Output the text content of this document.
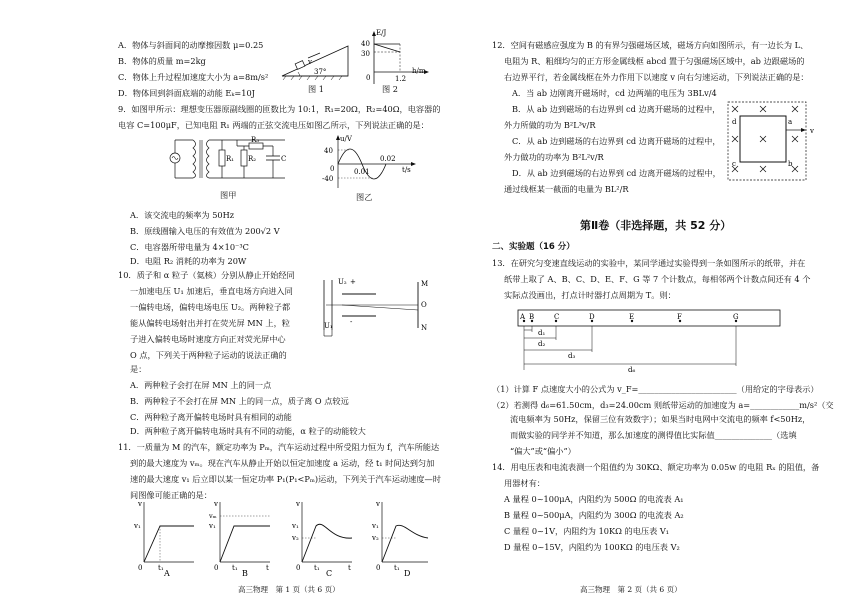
A．物体与斜面间的动摩擦因数 μ=0.25
B．物体的质量 m=2kg
C．物体上升过程加速度大小为 a=8m/s²
D．物体回到斜面底端的动能 Eₖ=10J
v
37°
图 1
E/J
40
30
0	1.2
图 2
h/m
9．如图甲所示：理想变压器原副线圈的匝数比为 10:1，R₁=20Ω，R₂=40Ω，电容器的
电容 C=100μF，已知电阻 R₁ 两端的正弦交流电压如图乙所示，下列说法正确的是：
R₁ R₂
R₃
C
图甲
u/V
40
-40
0	0.01
0.02
t/s
图乙
A．该交流电的频率为 50Hz
B．原线圈输入电压的有效值为 200√2 V
C．电容器所带电量为 4×10⁻³C
D．电阻 R₂ 消耗的功率为 20W
10．质子和 α 粒子（氦核）分别从静止开始经同
一加速电压 U₁ 加速后，垂直电场方向进入同
一偏转电场，偏转电场电压 U₂。两种粒子都
能从偏转电场射出并打在荧光屏 MN 上，粒
子进入偏转电场时速度方向正对荧光屏中心
O 点，下列关于两种粒子运动的说法正确的
是：
U₂ +
-
U₁
M
O
N
A．两种粒子会打在屏 MN 上的同一点
B．两种粒子不会打在屏 MN 上的同一点，质子离 O 点较远
C．两种粒子离开偏转电场时具有相同的动能
D．两种粒子离开偏转电场时具有不同的动能，α 粒子的动能较大
11．一质量为 M 的汽车，额定功率为 Pₘ，汽车运动过程中所受阻力恒为 f，汽车所能达
到的最大速度为 vₘ。现在汽车从静止开始以恒定加速度 a 运动，经 t₁ 时间达到匀加
速的最大速度 v₁ 后立即以某一恒定功率 P₁(P₁<Pₘ)运动，下列关于汽车运动速度—时
间图像可能正确的是：
v
v₁
0 t₁
A
v
vₘ
v₁
0 t₁	t
B
v
v₁
v₂
0 t₁	t
C
v
v₁
v₂
0 t₁
D
高三物理　第 1 页（共 6 页）
12．空间有磁感应强度为 B 的有界匀强磁场区域，磁场方向如图所示，有一边长为 L、
电阻为 R、粗细均匀的正方形金属线框 abcd 置于匀强磁场区域中，ab 边跟磁场的
右边界平行，若金属线框在外力作用下以速度 v 向右匀速运动，下列说法正确的是：
A．当 ab 边刚离开磁场时，cd 边两端的电压为 3BLv/4
B．从 ab 边到磁场的右边界到 cd 边离开磁场的过程中，
外力所做的功为 B²L³v/R
C．从 ab 边到磁场的右边界到 cd 边离开磁场的过程中，
外力做功的功率为 B²L²v/R
D．从 ab 边到磁场的右边界到 cd 边离开磁场的过程中，
通过线框某一截面的电量为 BL²/R
d	a
c	b
v
第Ⅱ卷（非选择题，共 52 分）
二、实验题（16 分）
13．在研究匀变速直线运动的实验中，某同学通过实验得到一条如图所示的纸带，并在
纸带上取了 A、B、C、D、E、F、G 等 7 个计数点，每相邻两个计数点间还有 4 个
实际点没画出，打点计时器打点周期为 T。则：
A B	C	D	E	F	G
d₁
d₂
d₃
d₆
（1）计算 F 点速度大小的公式为 v_F=________________________（用给定的字母表示）
（2）若测得 d₆=61.50cm，d₃=24.00cm 则纸带运动的加速度为 a=____________m/s²（交
流电频率为 50Hz，保留三位有效数字）；如果当时电网中交流电的频率 f<50Hz，
而做实验的同学并不知道，那么加速度的测得值比实际值______________（选填
“偏大”或“偏小”）
14．用电压表和电流表测一个阻值约为 30KΩ、额定功率为 0.05w 的电阻 Rₓ 的阻值，备
用器材有：
A 量程 0~100μA，内阻约为 500Ω 的电流表 A₁
B 量程 0~500μA，内阻约为 300Ω 的电流表 A₂
C 量程 0~1V，内阻约为 10KΩ 的电压表 V₁
D 量程 0~15V，内阻约为 100KΩ 的电压表 V₂
高三物理　第 2 页（共 6 页）
